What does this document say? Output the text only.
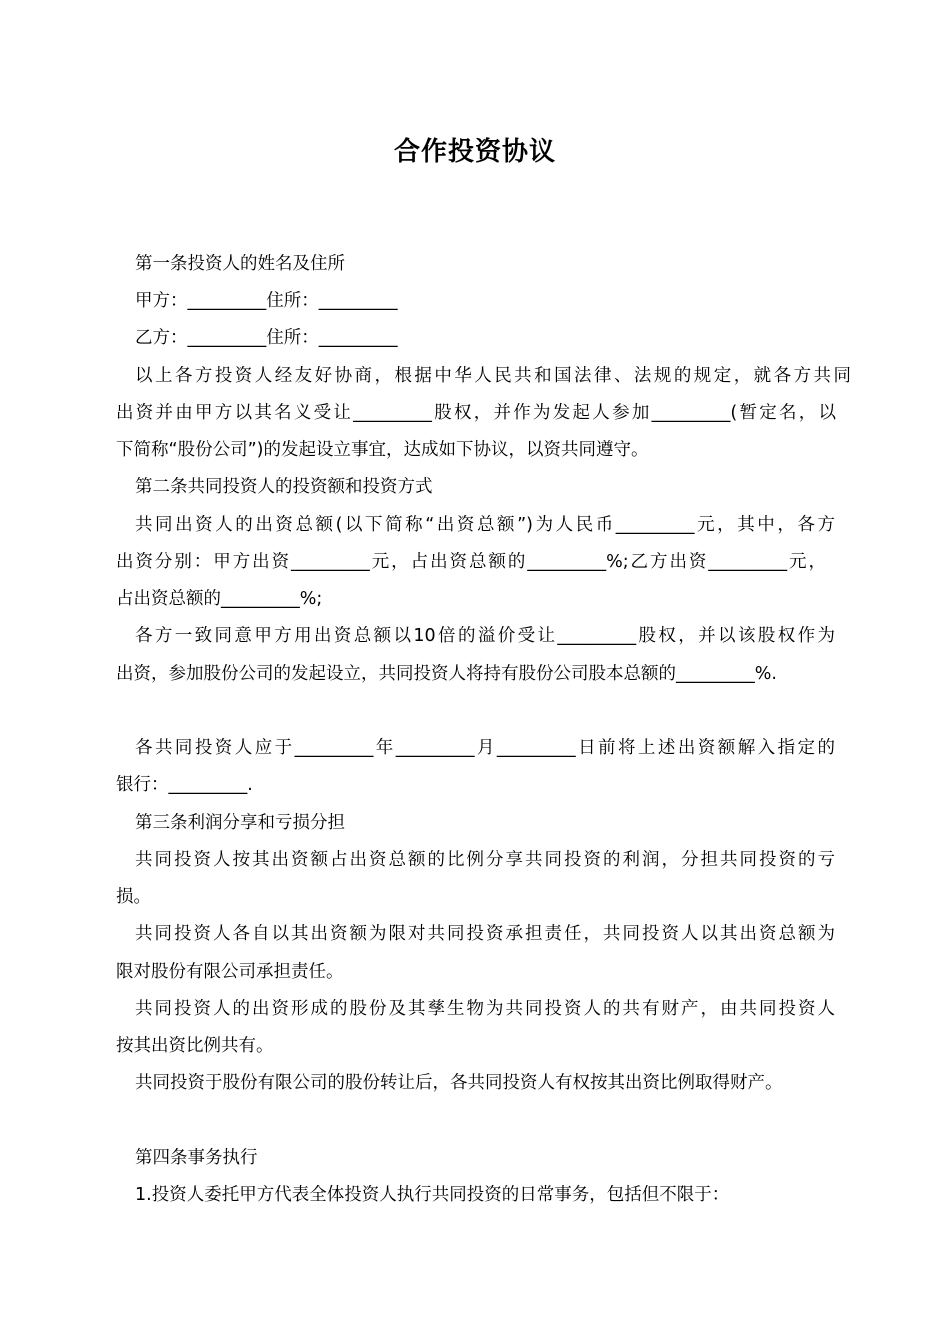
合作投资协议
第一条投资人的姓名及住所
甲方：_________住所：_________
乙方：_________住所：_________
以上各方投资人经友好协商，根据中华人民共和国法律、法规的规定，就各方共同
出资并由甲方以其名义受让_________股权，并作为发起人参加_________(暂定名，以
下简称“股份公司”)的发起设立事宜，达成如下协议，以资共同遵守。
第二条共同投资人的投资额和投资方式
共同出资人的出资总额(以下简称“出资总额”)为人民币_________元，其中，各方
出资分别：甲方出资_________元，占出资总额的_________%;乙方出资_________元，
占出资总额的_________%;
各方一致同意甲方用出资总额以10倍的溢价受让_________股权，并以该股权作为
出资，参加股份公司的发起设立，共同投资人将持有股份公司股本总额的_________%.
各共同投资人应于_________年_________月_________日前将上述出资额解入指定的
银行：_________.
第三条利润分享和亏损分担
共同投资人按其出资额占出资总额的比例分享共同投资的利润，分担共同投资的亏
损。
共同投资人各自以其出资额为限对共同投资承担责任，共同投资人以其出资总额为
限对股份有限公司承担责任。
共同投资人的出资形成的股份及其孳生物为共同投资人的共有财产，由共同投资人
按其出资比例共有。
共同投资于股份有限公司的股份转让后，各共同投资人有权按其出资比例取得财产。
第四条事务执行
1.投资人委托甲方代表全体投资人执行共同投资的日常事务，包括但不限于：
